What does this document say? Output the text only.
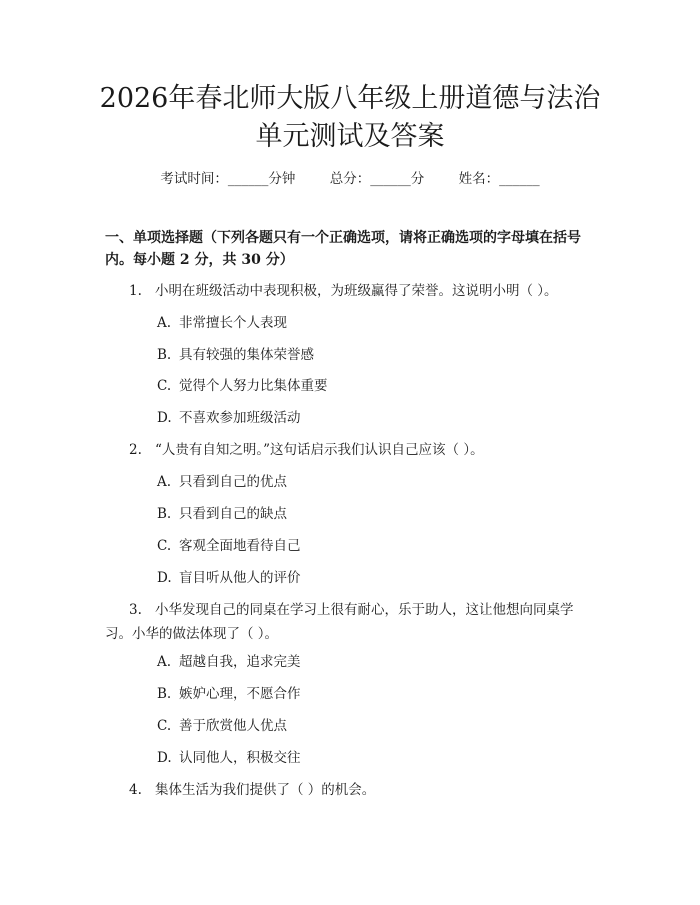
2026年春北师大版八年级上册道德与法治单元测试及答案
考试时间：______分钟	总分：______分	姓名：______

一、单项选择题（下列各题只有一个正确选项，请将正确选项的字母填在括号内。每小题 2 分，共 30 分）

1. 小明在班级活动中表现积极，为班级赢得了荣誉。这说明小明（ ）。

A. 非常擅长个人表现

B. 具有较强的集体荣誉感

C. 觉得个人努力比集体重要

D. 不喜欢参加班级活动

2. “人贵有自知之明。”这句话启示我们认识自己应该（ ）。

A. 只看到自己的优点

B. 只看到自己的缺点

C. 客观全面地看待自己

D. 盲目听从他人的评价

3. 小华发现自己的同桌在学习上很有耐心，乐于助人，这让他想向同桌学习。小华的做法体现了（ ）。

A. 超越自我，追求完美

B. 嫉妒心理，不愿合作

C. 善于欣赏他人优点

D. 认同他人，积极交往

4. 集体生活为我们提供了（ ）的机会。
